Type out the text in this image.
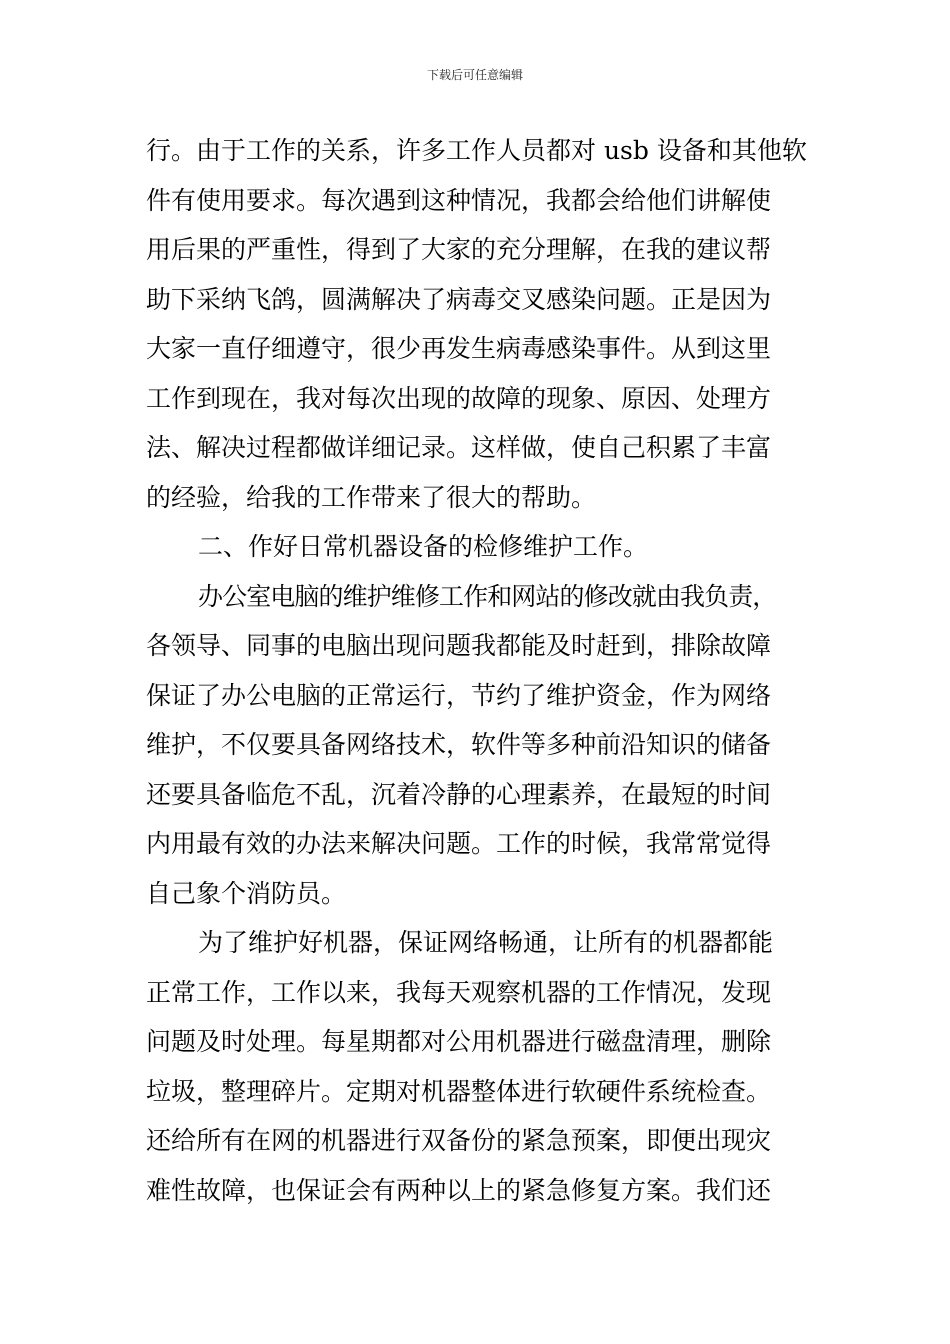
下载后可任意编辑
行。由于工作的关系，许多工作人员都对 usb 设备和其他软
件有使用要求。每次遇到这种情况，我都会给他们讲解使
用后果的严重性，得到了大家的充分理解，在我的建议帮
助下采纳飞鸽，圆满解决了病毒交叉感染问题。正是因为
大家一直仔细遵守，很少再发生病毒感染事件。从到这里
工作到现在，我对每次出现的故障的现象、原因、处理方
法、解决过程都做详细记录。这样做，使自己积累了丰富
的经验，给我的工作带来了很大的帮助。
二、作好日常机器设备的检修维护工作。
办公室电脑的维护维修工作和网站的修改就由我负责，
各领导、同事的电脑出现问题我都能及时赶到，排除故障
保证了办公电脑的正常运行，节约了维护资金，作为网络
维护，不仅要具备网络技术，软件等多种前沿知识的储备
还要具备临危不乱，沉着冷静的心理素养，在最短的时间
内用最有效的办法来解决问题。工作的时候，我常常觉得
自己象个消防员。
为了维护好机器，保证网络畅通，让所有的机器都能
正常工作，工作以来，我每天观察机器的工作情况，发现
问题及时处理。每星期都对公用机器进行磁盘清理，删除
垃圾，整理碎片。定期对机器整体进行软硬件系统检查。
还给所有在网的机器进行双备份的紧急预案，即便出现灾
难性故障，也保证会有两种以上的紧急修复方案。我们还
